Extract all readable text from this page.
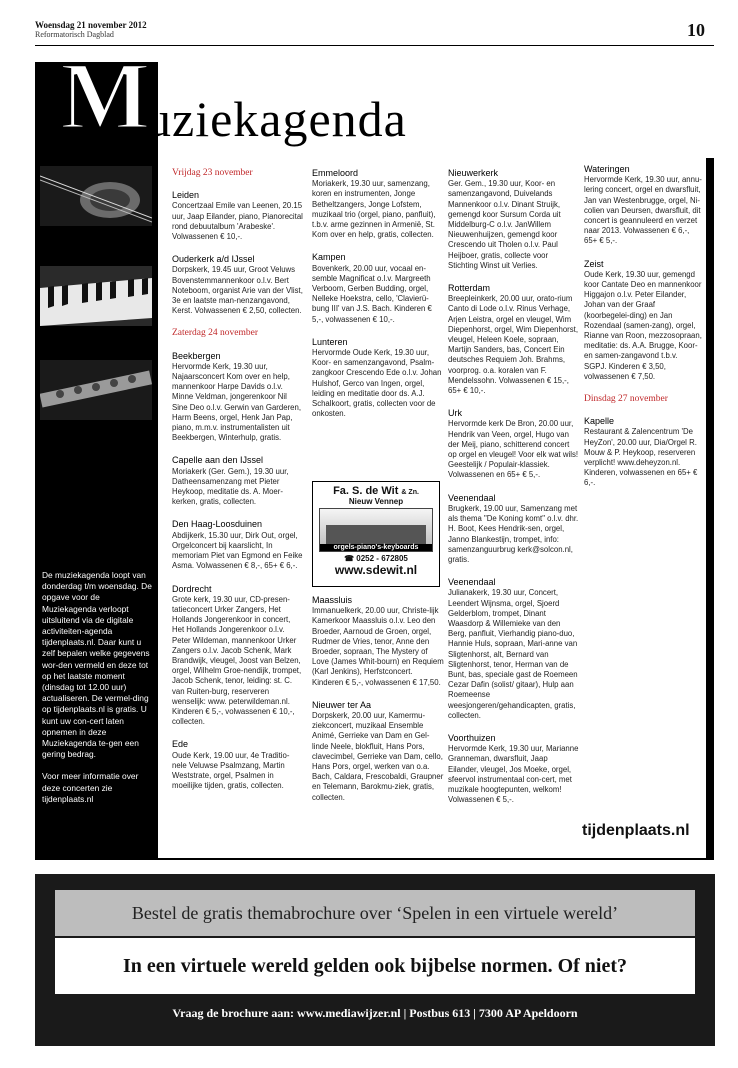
Woensdag 21 november 2012
Reformatorisch Dagblad	10
M
uziekagenda

De muziekagenda loopt van donderdag t/m woensdag. De opgave voor de Muziekagenda verloopt uitsluitend via de digitale activiteiten-agenda tijdenplaats.nl. Daar kunt u zelf bepalen welke gegevens wor-den vermeld en deze tot op het laatste moment (dinsdag tot 12.00 uur) actualiseren. De vermel-ding op tijdenplaats.nl is gratis. U kunt uw con-cert laten opnemen in deze Muziekagenda te-gen een gering bedrag.

Voor meer informatie over deze concerten zie tijdenplaats.nl

Vrijdag 23 november
Leiden
Concertzaal Emile van Leenen, 20.15 uur, Jaap Eilander, piano, Pianorecital rond debuutalbum 'Arabeske'. Volwassenen € 10,-.
Ouderkerk a/d IJssel
Dorpskerk, 19.45 uur, Groot Veluws Bovenstemmannenkoor o.l.v. Bert Noteboom, organist Arie van der Vlist, 3e en laatste man-nenzangavond, Kerst. Volwassenen € 2,50, collecten.
Zaterdag 24 november
Beekbergen
Hervormde Kerk, 19.30 uur, Najaarsconcert Kom over en help, mannenkoor Harpe Davids o.l.v. Minne Veldman, jongerenkoor Nil Sine Deo o.l.v. Gerwin van Garderen, Harm Beens, orgel, Henk Jan Pap, piano, m.m.v. instrumentalisten uit Beekbergen, Winterhulp, gratis.
Capelle aan den IJssel
Moriakerk (Ger. Gem.), 19.30 uur, Datheensamenzang met Pieter Heykoop, meditatie ds. A. Moer-kerken, gratis, collecten.
Den Haag-Loosduinen
Abdijkerk, 15.30 uur, Dirk Out, orgel, Orgelconcert bij kaarslicht, In memoriam Piet van Egmond en Feike Asma. Volwassenen € 8,-, 65+ € 6,-.
Dordrecht
Grote kerk, 19.30 uur, CD-presen-tatieconcert Urker Zangers, Het Hollands Jongerenkoor in concert, Het Hollands Jongerenkoor o.l.v. Peter Wildeman, mannenkoor Urker Zangers o.l.v. Jacob Schenk, Mark Brandwijk, vleugel, Joost van Belzen, orgel, Wilhelm Groe-nendijk, trompet, Jacob Schenk, tenor, leiding: st. C. van Ruiten-burg, reserveren wenselijk: www. peterwildeman.nl. Kinderen € 5,-, volwassenen € 10,-, collecten.
Ede
Oude Kerk, 19.00 uur, 4e Traditio-nele Veluwse Psalmzang, Martin Weststrate, orgel, Psalmen in moeilijke tijden, gratis, collecten.
Emmeloord
Moriakerk, 19.30 uur, samenzang, koren en instrumenten, Jonge Betheltzangers, Jonge Lofstem, muzikaal trio (orgel, piano, panfluit), t.b.v. arme gezinnen in Armenië, St. Kom over en help, gratis, collecten.
Kampen
Bovenkerk, 20.00 uur, vocaal en-semble Magnificat o.l.v. Margreeth Verboom, Gerben Budding, orgel, Nelleke Hoekstra, cello, 'Clavierü-bung III' van J.S. Bach. Kinderen € 5,-, volwassenen € 10,-.
Lunteren
Hervormde Oude Kerk, 19.30 uur, Koor- en samenzangavond, Psalm-zangkoor Crescendo Ede o.l.v. Johan Hulshof, Gerco van Ingen, orgel, leiding en meditatie door ds. A.J. Schalkoort, gratis, collecten voor de onkosten.
Maassluis
Immanuelkerk, 20.00 uur, Christe-lijk Kamerkoor Maassluis o.l.v. Leo den Broeder, Aarnoud de Groen, orgel, Rudmer de Vries, tenor, Anne den Broeder, sopraan, The Mystery of Love (James Whit-bourn) en Requiem (Karl Jenkins), Herfstconcert. Kinderen € 5,-, volwassenen € 17,50.
Nieuwer ter Aa
Dorpskerk, 20.00 uur, Kamermu-ziekconcert, muzikaal Ensemble Animé, Gerrieke van Dam en Gel-linde Neele, blokfluit, Hans Pors, clavecimbel, Gerrieke van Dam, cello, Hans Pors, orgel, werken van o.a. Bach, Caldara, Frescobaldi, Graupner en Telemann, Barokmu-ziek, gratis, collecten.
Fa. S. de Wit & Zn.
Nieuw Vennep
orgels-piano's-keyboards
☎ 0252 - 672805
www.sdewit.nl
Nieuwerkerk
Ger. Gem., 19.30 uur, Koor- en samenzangavond, Duivelands Mannenkoor o.l.v. Dinant Struijk, gemengd koor Sursum Corda uit Middelburg-C o.l.v. JanWillem Nieuwenhuijzen, gemengd koor Crescendo uit Tholen o.l.v. Paul Heijboer, gratis, collecte voor Stichting Winst uit Verlies.
Rotterdam
Breepleinkerk, 20.00 uur, orato-rium Canto di Lode o.l.v. Rinus Verhage, Arjen Leistra, orgel en vleugel, Wim Diepenhorst, orgel, Wim Diepenhorst, vleugel, Heleen Koele, sopraan, Martijn Sanders, bas, Concert Ein deutsches Requiem Joh. Brahms, voorprog. o.a. koralen van F. Mendelssohn. Volwassenen € 15,-, 65+ € 10,-.
Urk
Hervormde kerk De Bron, 20.00 uur, Hendrik van Veen, orgel, Hugo van der Meij, piano, schitterend concert op orgel en vleugel! Voor elk wat wils! Geestelijk / Populair-klassiek. Volwassenen en 65+ € 5,-.
Veenendaal
Brugkerk, 19.00 uur, Samenzang met als thema "De Koning komt" o.l.v. dhr. H. Boot, Kees Hendrik-sen, orgel, Janno Blankestijn, trompet, info: samenzanguurbrug kerk@solcon.nl, gratis.
Veenendaal
Julianakerk, 19.30 uur, Concert, Leendert Wijnsma, orgel, Sjoerd Gelderblom, trompet, Dinant Waasdorp & Willemieke van den Berg, panfluit, Vierhandig piano-duo, Hannie Huls, sopraan, Mari-anne van Sligtenhorst, alt, Bernard van Sligtenhorst, tenor, Herman van de Bunt, bas, speciale gast de Roemeen Cezar Dafin (solist/ gitaar), Hulp aan Roemeense weesjongeren/gehandicapten, gratis, collecten.
Voorthuizen
Hervormde Kerk, 19.30 uur, Marianne Granneman, dwarsfluit, Jaap Eilander, vleugel, Jos Moeke, orgel, sfeervol instrumentaal con-cert, met muzikale hoogtepunten, welkom! Volwassenen € 5,-.
Wateringen
Hervormde Kerk, 19.30 uur, annu-lering concert, orgel en dwarsfluit, Jan van Westenbrugge, orgel, Ni-colien van Deursen, dwarsfluit, dit concert is geannuleerd en verzet naar 2013. Volwassenen € 6,-, 65+ € 5,-.
Zeist
Oude Kerk, 19.30 uur, gemengd koor Cantate Deo en mannenkoor Higgajon o.l.v. Peter Eilander, Johan van der Graaf (koorbegelei-ding) en Jan Rozendaal (samen-zang), orgel, Rianne van Roon, mezzosopraan, meditatie: ds. A.A. Brugge, Koor- en samen-zangavond t.b.v. SGPJ. Kinderen € 3,50, volwassenen € 7,50.
Dinsdag 27 november
Kapelle
Restaurant & Zalencentrum 'De HeyZon', 20.00 uur, Dia/Orgel R. Mouw & P. Heykoop, reserveren verplicht! www.deheyzon.nl. Kinderen, volwassenen en 65+ € 6,-.
tijdenplaats.nl
Bestel de gratis themabrochure over ‘Spelen in een virtuele wereld’
In een virtuele wereld gelden ook bijbelse normen. Of niet?
Vraag de brochure aan: www.mediawijzer.nl | Postbus 613 | 7300 AP Apeldoorn
